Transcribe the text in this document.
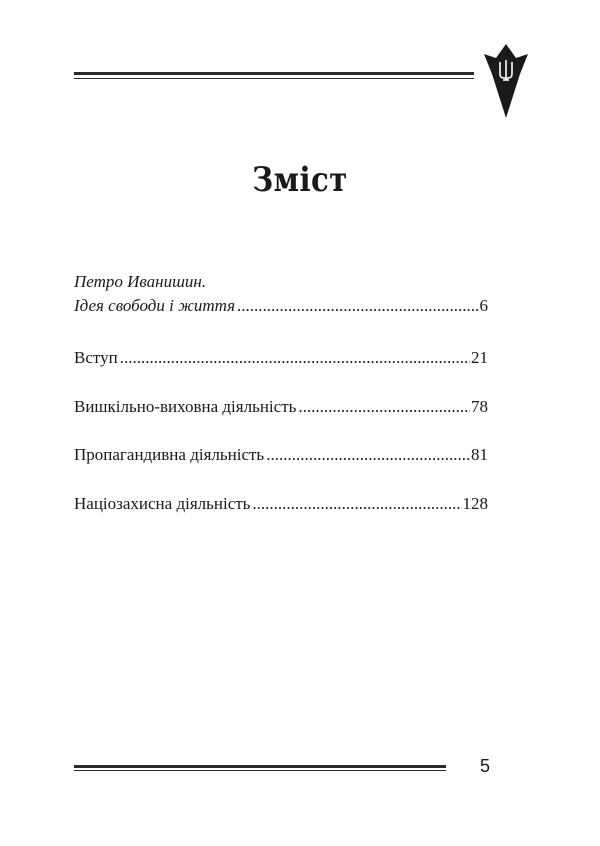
Зміст
Петро Иванишин.
Ідея свободи і життя .....	6
Вступ .....	21
Вишкільно-виховна діяльність .....	78
Пропагандивна діяльність .....	81
Націозахисна діяльність .....	128
5
